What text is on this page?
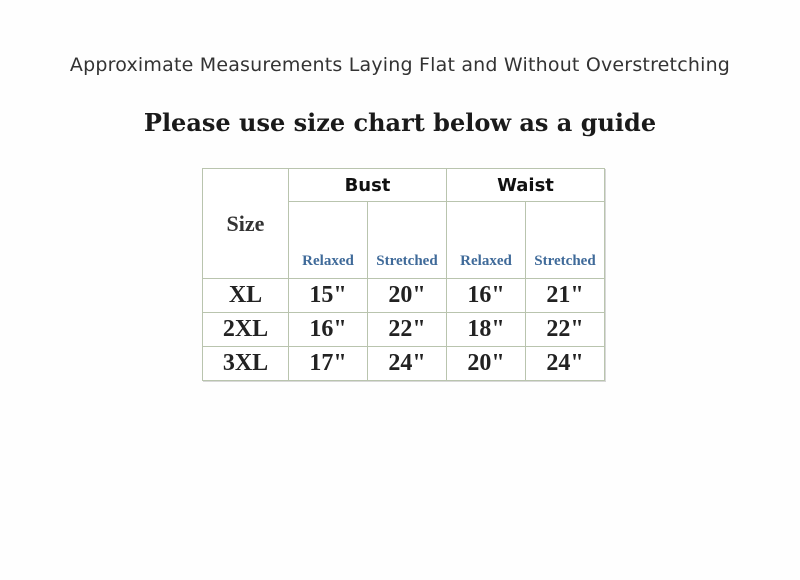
Approximate Measurements Laying Flat and Without Overstretching
Please use size chart below as a guide
Size	Bust		Waist	
	Relaxed	Stretched	Relaxed	Stretched
XL	15"	20"	16"	21"
2XL	16"	22"	18"	22"
3XL	17"	24"	20"	24"
